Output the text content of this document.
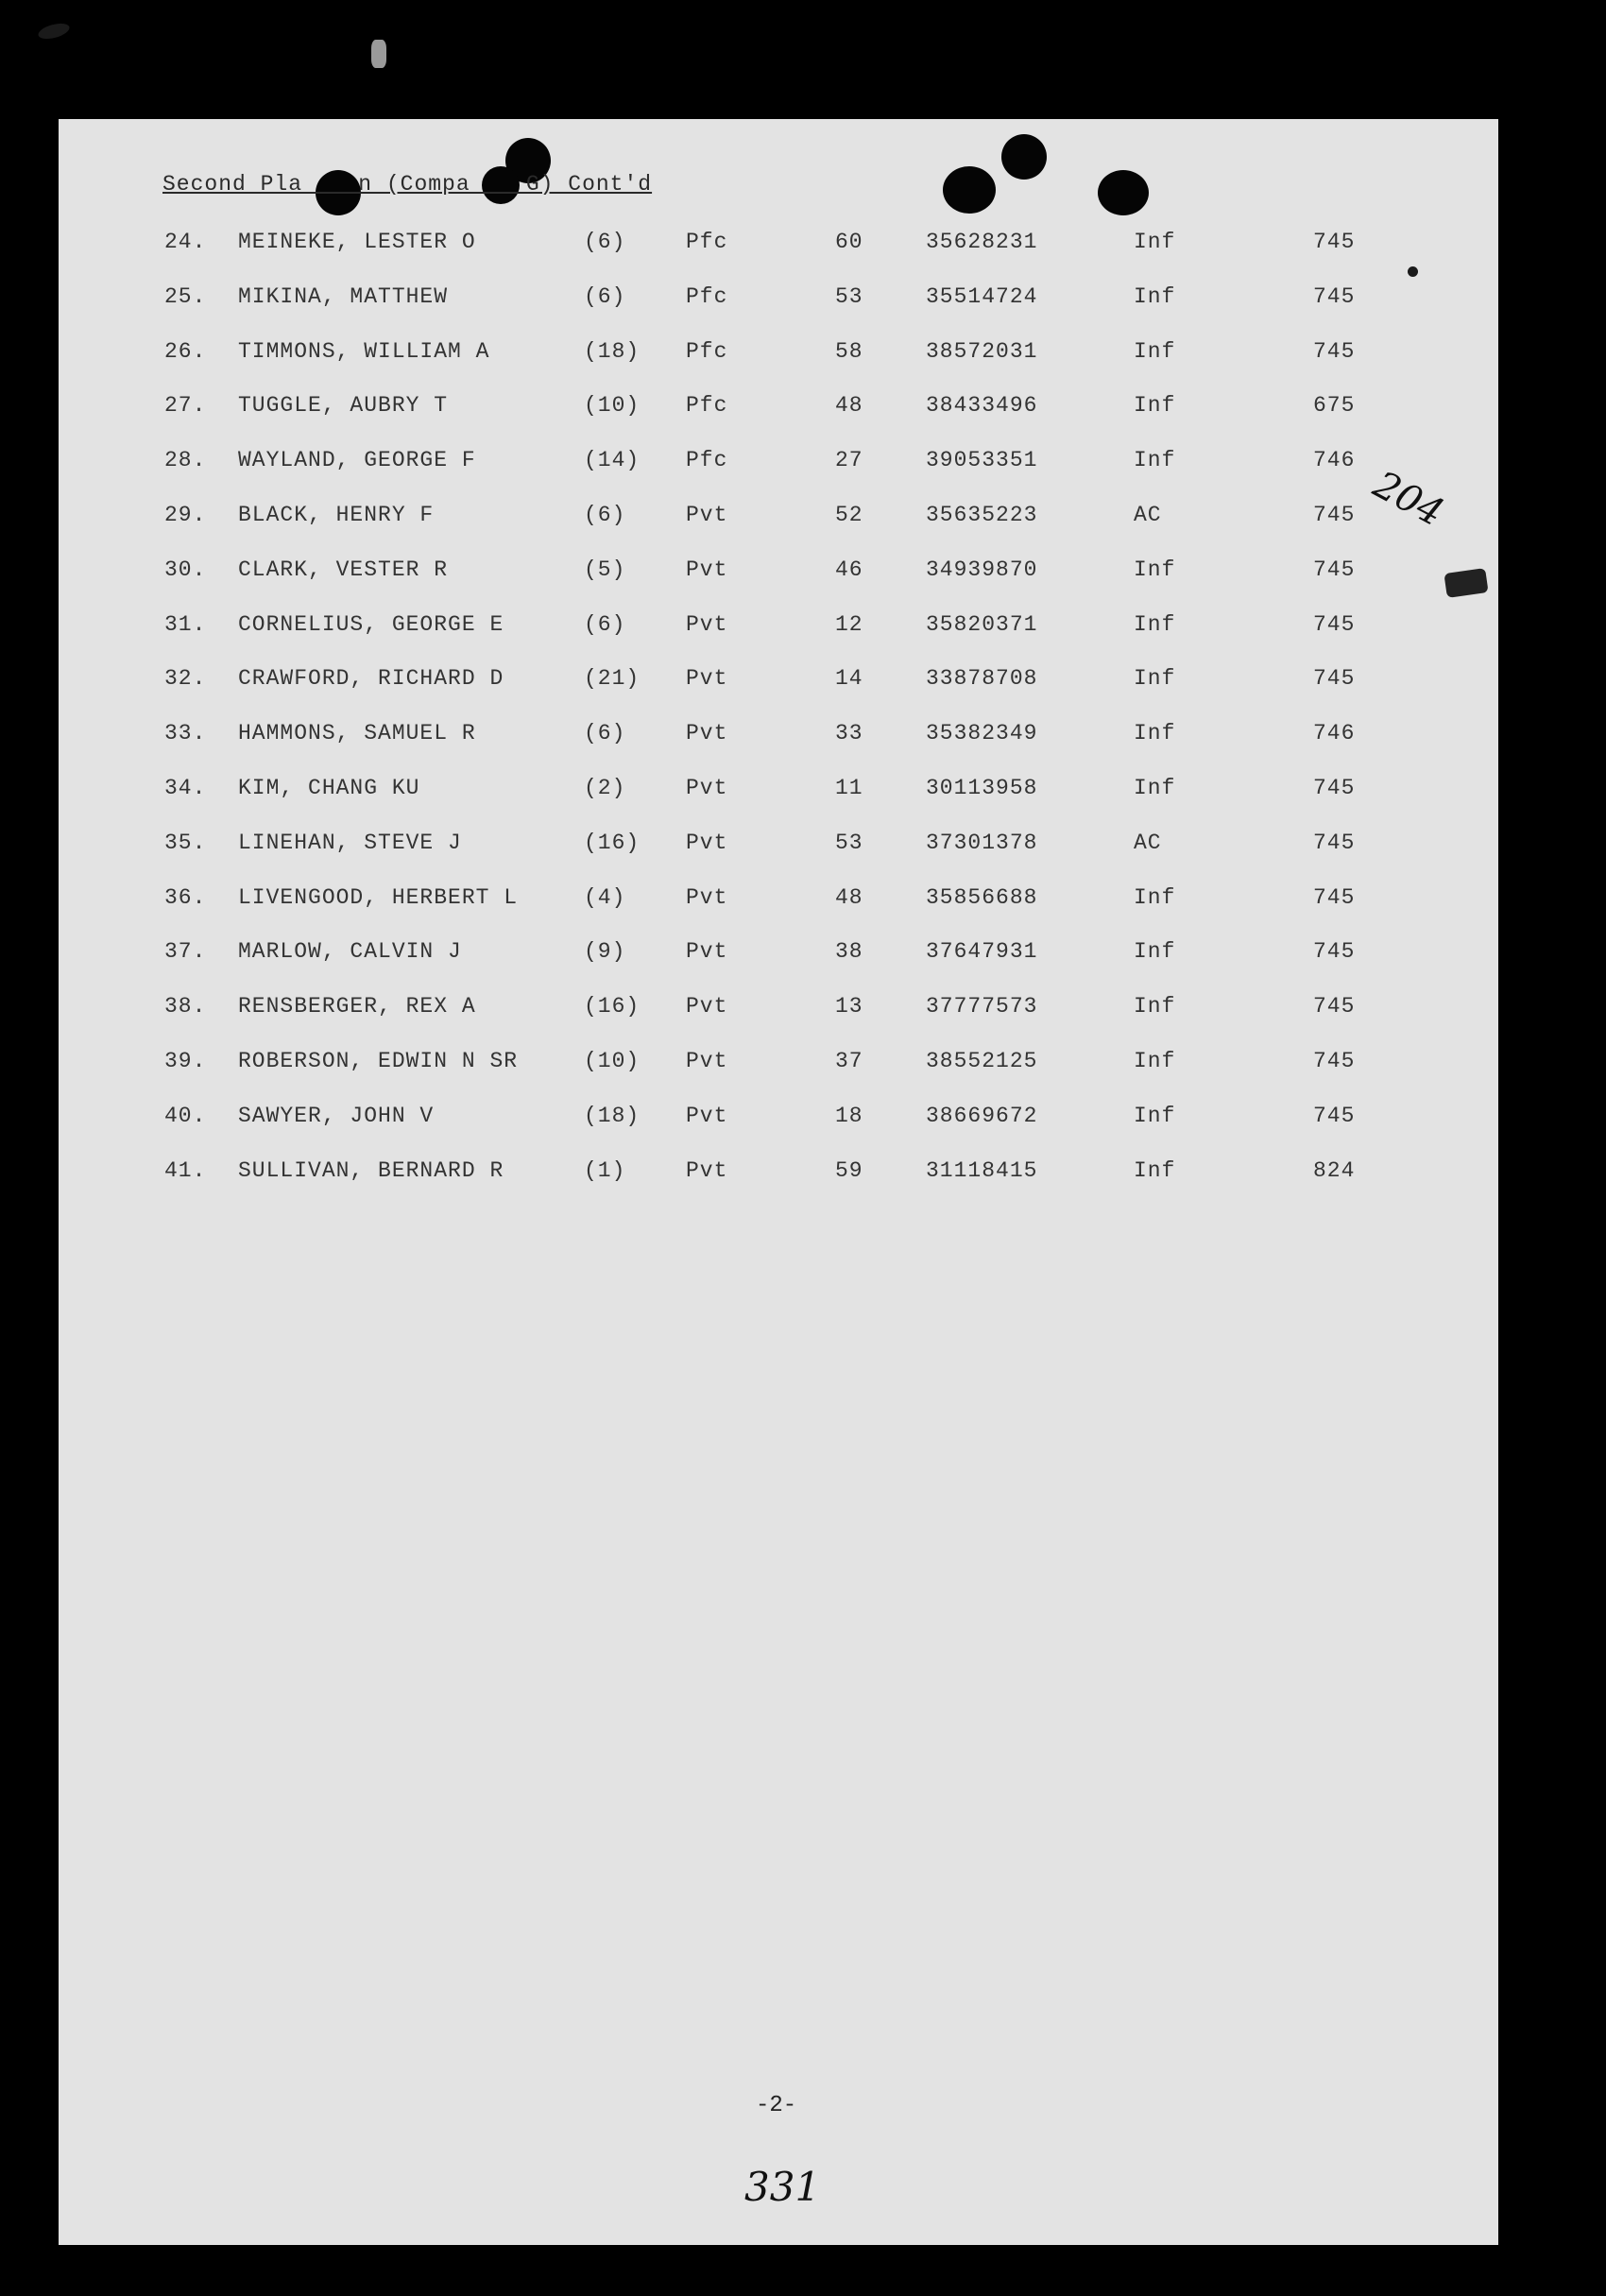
Second Pla    n (Compa    G) Cont'd
24. MEINEKE, LESTER O	(6)	Pfc	60	35628231	Inf	745
25. MIKINA, MATTHEW	(6)	Pfc	53	35514724	Inf	745
26. TIMMONS, WILLIAM A	(18) Pfc	58	38572031	Inf	745
27. TUGGLE, AUBRY T	(10) Pfc	48	38433496	Inf	675
28. WAYLAND, GEORGE F	(14) Pfc	27	39053351	Inf	746
29. BLACK, HENRY F	(6)	Pvt	52	35635223	AC	745
30. CLARK, VESTER R	(5)	Pvt	46	34939870	Inf	745
31. CORNELIUS, GEORGE E	(6)	Pvt	12	35820371	Inf	745
32. CRAWFORD, RICHARD D	(21) Pvt	14	33878708	Inf	745
33. HAMMONS, SAMUEL R	(6)	Pvt	33	35382349	Inf	746
34. KIM, CHANG KU	(2)	Pvt	11	30113958	Inf	745
35. LINEHAN, STEVE J	(16) Pvt	53	37301378	AC	745
36. LIVENGOOD, HERBERT L	(4)	Pvt	48	35856688	Inf	745
37. MARLOW, CALVIN J	(9)	Pvt	38	37647931	Inf	745
38. RENSBERGER, REX A	(16) Pvt	13	37777573	Inf	745
39. ROBERSON, EDWIN N SR	(10) Pvt	37	38552125	Inf	745
40. SAWYER, JOHN V	(18) Pvt	18	38669672	Inf	745
41. SULLIVAN, BERNARD R	(1)	Pvt	59	31118415	Inf	824
-2-
331
204
